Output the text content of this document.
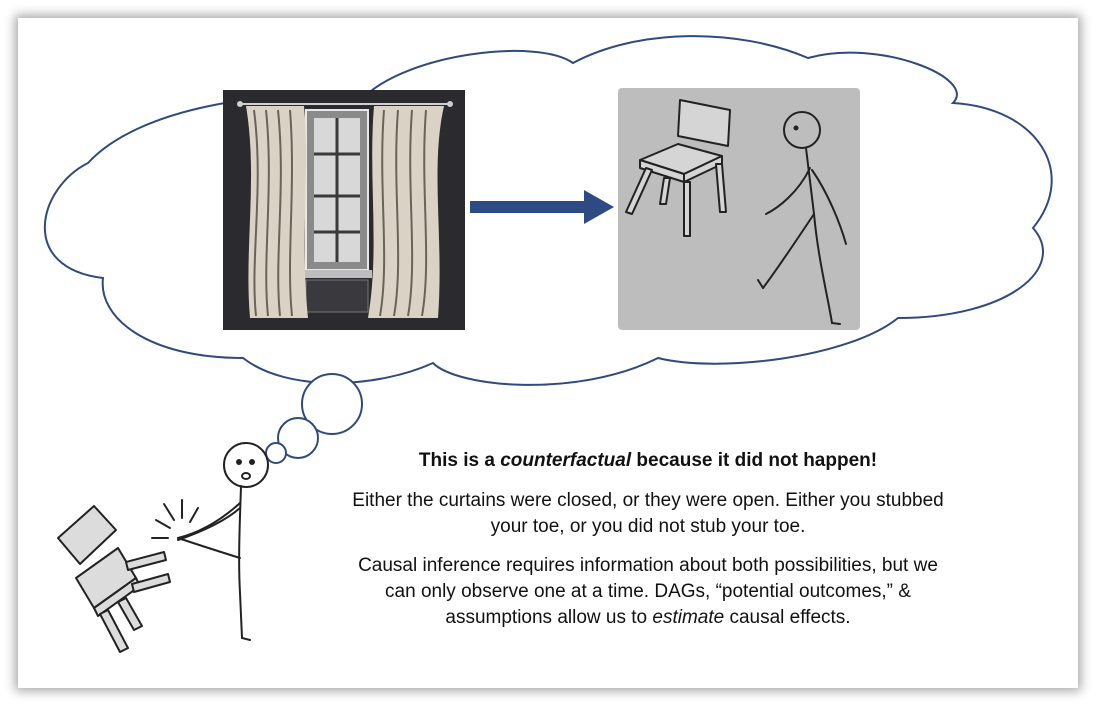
This is a counterfactual because it did not happen!

Either the curtains were closed, or they were open. Either you stubbed your toe, or you did not stub your toe.

Causal inference requires information about both possibilities, but we can only observe one at a time. DAGs, “potential outcomes,” & assumptions allow us to estimate causal effects.
